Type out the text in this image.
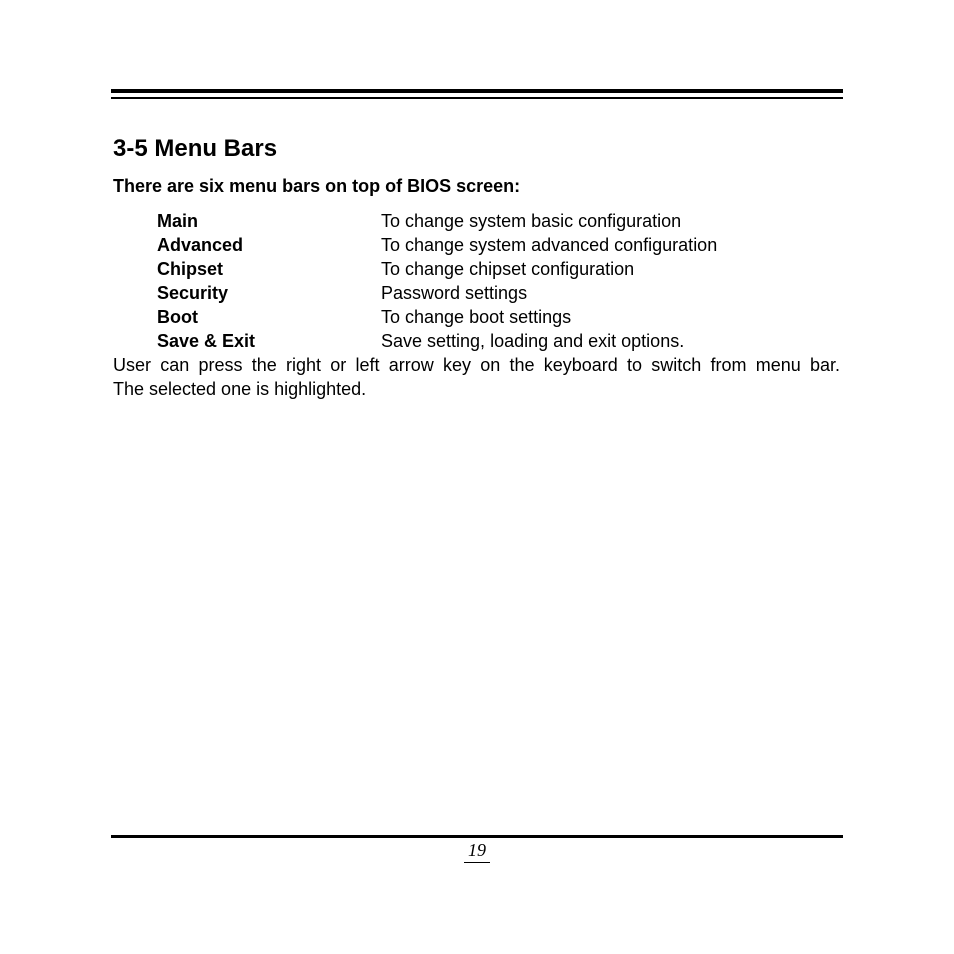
3-5 Menu Bars

There are six menu bars on top of BIOS screen:

Main	To change system basic configuration
Advanced	To change system advanced configuration
Chipset	To change chipset configuration
Security	Password settings
Boot	To change boot settings
Save & Exit	Save setting, loading and exit options.

User can press the right or left arrow key on the keyboard to switch from menu bar.
The selected one is highlighted.

19
